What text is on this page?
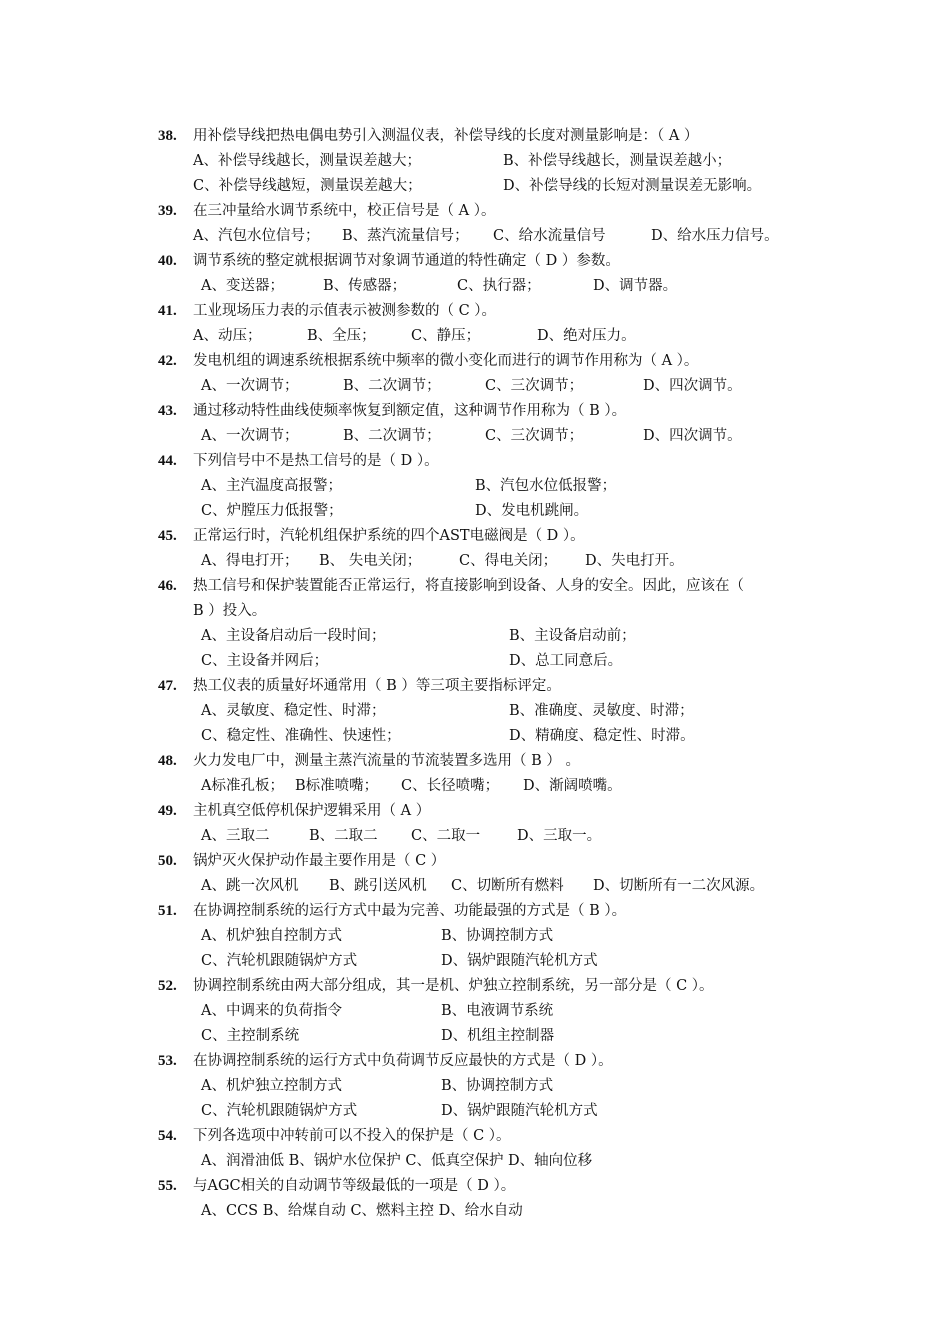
38. 用补偿导线把热电偶电势引入测温仪表，补偿导线的长度对测量影响是：（ A ）
A、补偿导线越长，测量误差越大；	B、补偿导线越长，测量误差越小；
C、补偿导线越短，测量误差越大；	D、补偿导线的长短对测量误差无影响。
39. 在三冲量给水调节系统中，校正信号是（ A ）。
A、汽包水位信号； B、蒸汽流量信号； C、给水流量信号	D、给水压力信号。
40. 调节系统的整定就根据调节对象调节通道的特性确定（ D ）参数。
A、变送器；	B、传感器；	C、执行器；	D、调节器。
41. 工业现场压力表的示值表示被测参数的（ C ）。
A、动压；	B、全压； C、静压；	D、绝对压力。
42. 发电机组的调速系统根据系统中频率的微小变化而进行的调节作用称为（ A ）。
A、一次调节；	B、二次调节；	C、三次调节；	D、四次调节。
43. 通过移动特性曲线使频率恢复到额定值，这种调节作用称为（ B ）。
A、一次调节；	B、二次调节；	C、三次调节；	D、四次调节。
44. 下列信号中不是热工信号的是（ D ）。
A、主汽温度高报警；	B、汽包水位低报警；
C、炉膛压力低报警；	D、发电机跳闸。
45. 正常运行时，汽轮机组保护系统的四个AST电磁阀是（ D ）。
A、得电打开； B、 失电关闭；	C、得电关闭； D、失电打开。
46. 热工信号和保护装置能否正常运行，将直接影响到设备、人身的安全。因此，应该在（
B ）投入。
A、主设备启动后一段时间；	B、主设备启动前；
C、主设备并网后；	D、总工同意后。
47. 热工仪表的质量好坏通常用（ B ）等三项主要指标评定。
A、灵敏度、稳定性、时滞；	B、准确度、灵敏度、时滞；
C、稳定性、准确性、快速性；	D、精确度、稳定性、时滞。
48. 火力发电厂中，测量主蒸汽流量的节流装置多选用（ B ） 。
A标准孔板； B标准喷嘴； C、长径喷嘴； D、渐阔喷嘴。
49. 主机真空低停机保护逻辑采用（ A ）
A、三取二	B、二取二 C、二取一	D、三取一。
50. 锅炉灭火保护动作最主要作用是（ C ）
A、跳一次风机 B、跳引送风机 C、切断所有燃料 D、切断所有一二次风源。
51. 在协调控制系统的运行方式中最为完善、功能最强的方式是（ B ）。
A、机炉独自控制方式	B、协调控制方式
C、汽轮机跟随锅炉方式	D、锅炉跟随汽轮机方式
52. 协调控制系统由两大部分组成，其一是机、炉独立控制系统，另一部分是（ C ）。
A、中调来的负荷指令	B、电液调节系统
C、主控制系统	D、机组主控制器
53. 在协调控制系统的运行方式中负荷调节反应最快的方式是（ D ）。
A、机炉独立控制方式	B、协调控制方式
C、汽轮机跟随锅炉方式	D、锅炉跟随汽轮机方式
54. 下列各选项中冲转前可以不投入的保护是（ C ）。
A、润滑油低 B、锅炉水位保护 C、低真空保护 D、轴向位移
55. 与AGC相关的自动调节等级最低的一项是（ D ）。
A、CCS B、给煤自动 C、燃料主控 D、给水自动
